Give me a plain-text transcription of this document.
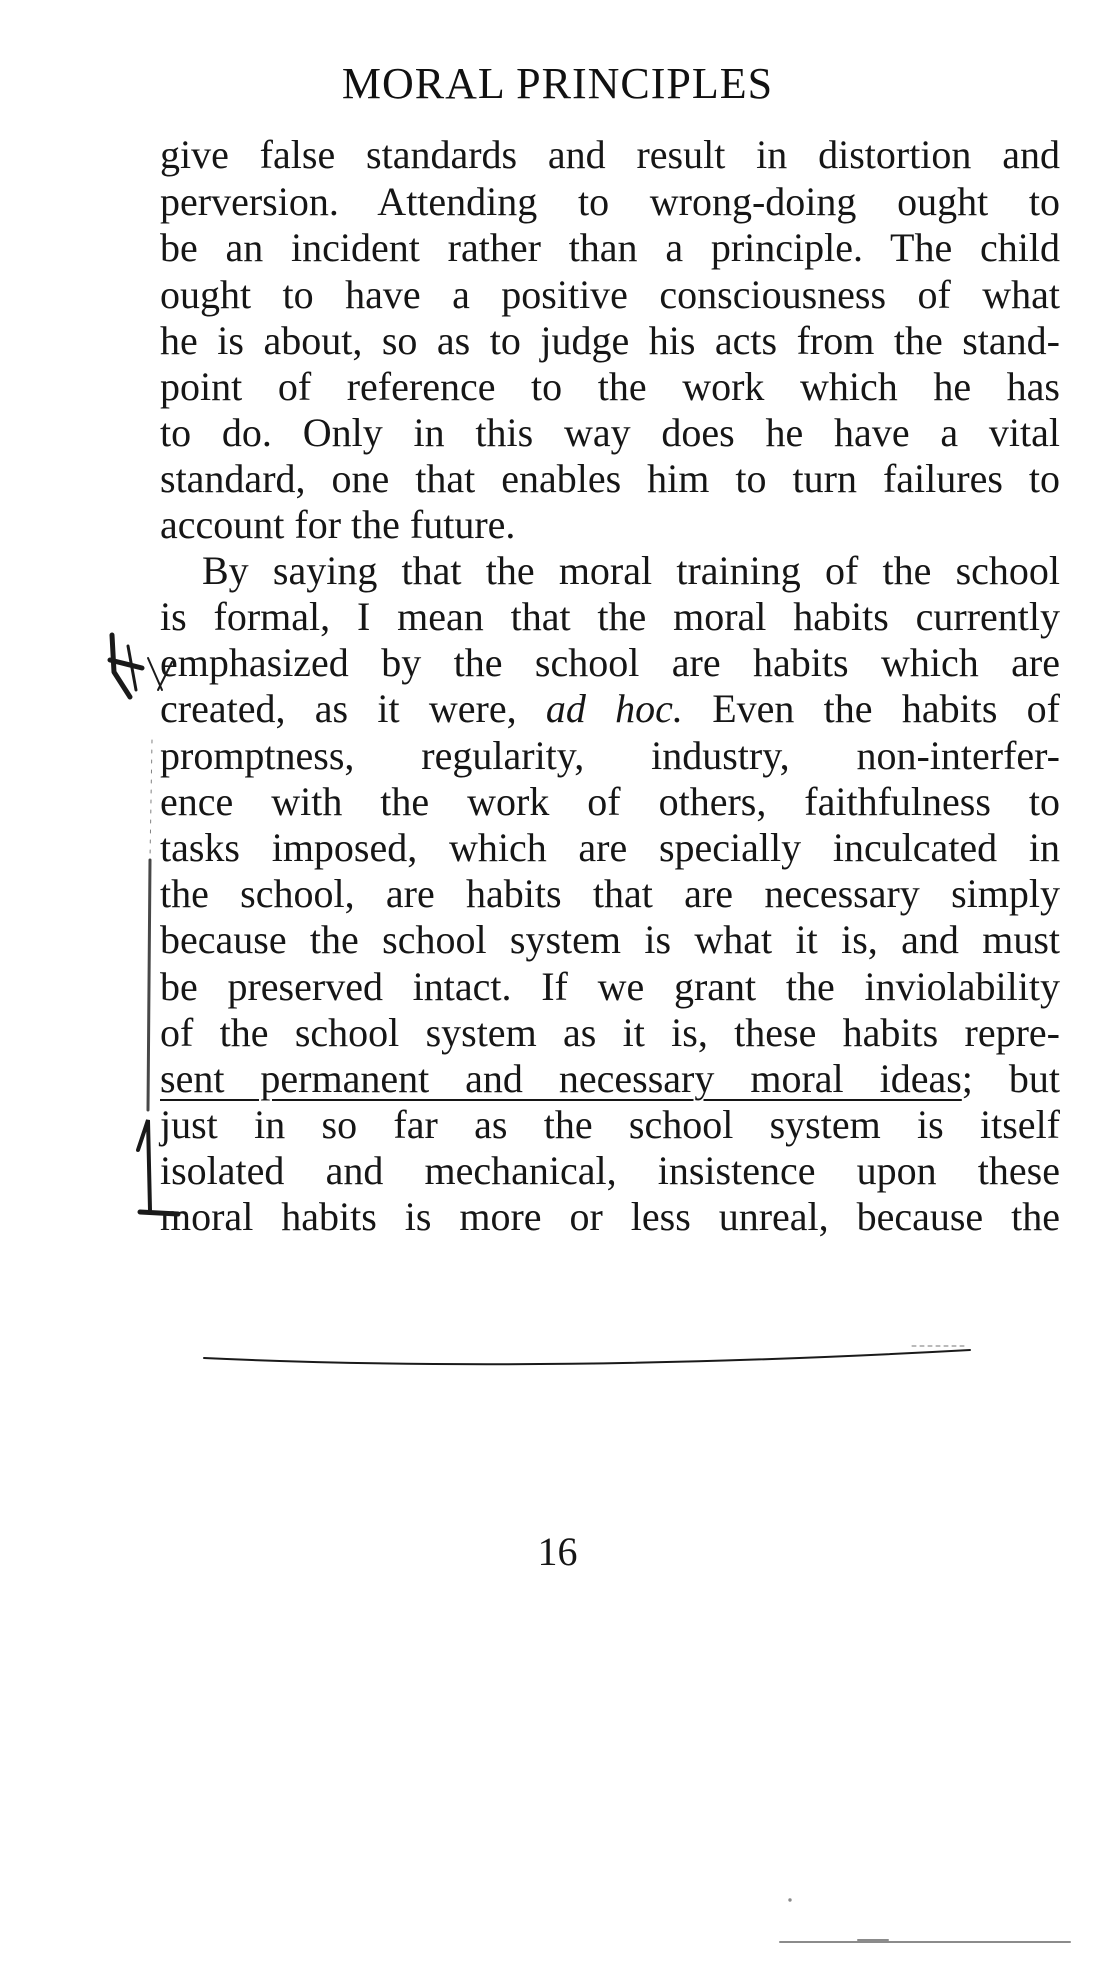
MORAL PRINCIPLES
give false standards and result in distortion and
perversion. Attending to wrong-doing ought to
be an incident rather than a principle. The child
ought to have a positive consciousness of what
he is about, so as to judge his acts from the stand-
point of reference to the work which he has
to do. Only in this way does he have a vital
standard, one that enables him to turn failures to
account for the future.
By saying that the moral training of the school
is formal, I mean that the moral habits currently
emphasized by the school are habits which are
created, as it were, ad hoc. Even the habits of
promptness, regularity, industry, non-interfer-
ence with the work of others, faithfulness to
tasks imposed, which are specially inculcated in
the school, are habits that are necessary simply
because the school system is what it is, and must
be preserved intact. If we grant the inviolability
of the school system as it is, these habits repre-
sent permanent and necessary moral ideas; but
just in so far as the school system is itself
isolated and mechanical, insistence upon these
moral habits is more or less unreal, because the
16
